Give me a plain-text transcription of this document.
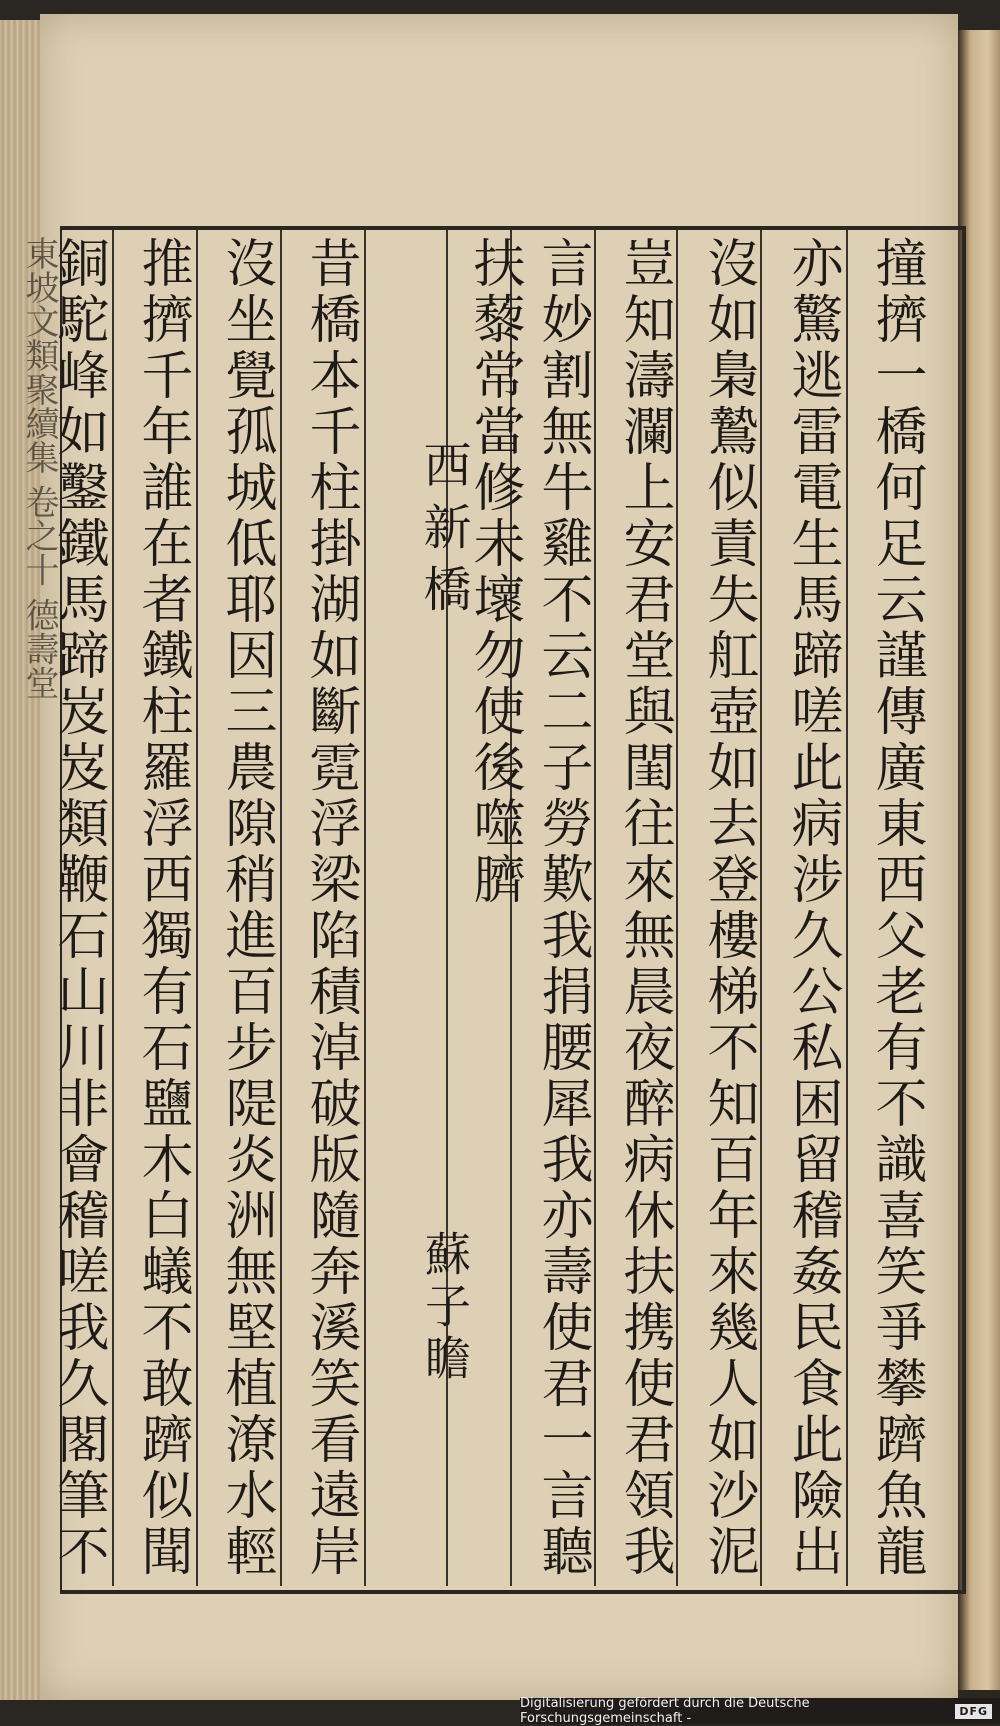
東坡文類聚續集 卷之十 德壽堂	撞擠一橋何足云謹傳廣東西父老有不識喜笑爭攀躋魚龍
亦驚逃雷電生馬蹄嗟此病涉久公私困留稽姦民食此險出
沒如梟鷙似責失舡壺如去登樓梯不知百年來幾人如沙泥
豈知濤瀾上安君堂與閨往來無晨夜醉病休扶携使君領我
言妙割無牛雞不云二子勞歎我捐腰犀我亦壽使君一言聽
扶藜常當修未壞勿使後噬臍
西新橋
蘇子瞻
昔橋本千柱掛湖如斷霓浮梁陷積淖破版隨奔溪笑看遠岸
沒坐覺孤城低耶因三農隙稍進百步隄炎洲無堅植潦水輕
推擠千年誰在者鐵柱羅浮西獨有石鹽木白蟻不敢躋似聞
銅駝峰如鑿鐵馬蹄岌岌類鞭石山川非會稽嗟我久閣筆不
Digitalisierung gefördert durch die Deutsche Forschungsgemeinschaft -	DFG
